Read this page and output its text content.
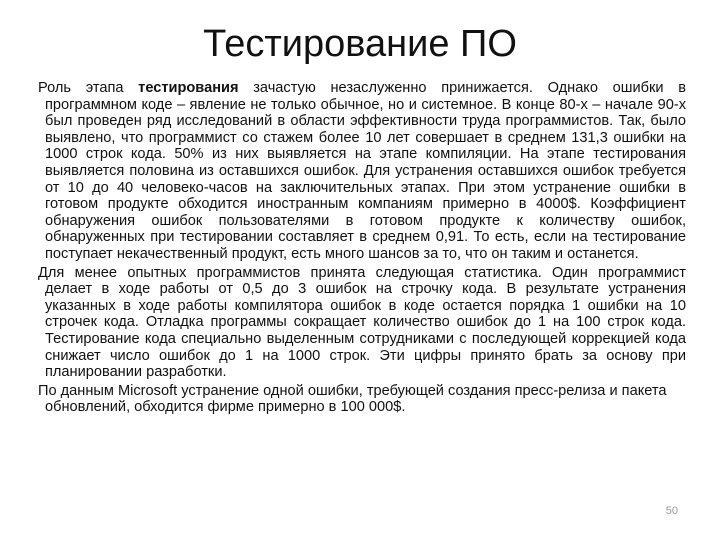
Тестирование ПО

Роль этапа тестирования зачастую незаслуженно принижается. Однако ошибки в программном коде – явление не только обычное, но и системное. В конце 80-х – начале 90-х был проведен ряд исследований в области эффективности труда программистов. Так, было выявлено, что программист со стажем более 10 лет совершает в среднем 131,3 ошибки на 1000 строк кода. 50% из них выявляется на этапе компиляции. На этапе тестирования выявляется половина из оставшихся ошибок. Для устранения оставшихся ошибок требуется от 10 до 40 человеко-часов на заключительных этапах. При этом устранение ошибки в готовом продукте обходится иностранным компаниям примерно в 4000$. Коэффициент обнаружения ошибок пользователями в готовом продукте к количеству ошибок, обнаруженных при тестировании составляет в среднем 0,91. То есть, если на тестирование поступает некачественный продукт, есть много шансов за то, что он таким и останется.

Для менее опытных программистов принята следующая статистика. Один программист делает в ходе работы от 0,5 до 3 ошибок на строчку кода. В результате устранения указанных в ходе работы компилятора ошибок в коде остается порядка 1 ошибки на 10 строчек кода. Отладка программы сокращает количество ошибок до 1 на 100 строк кода. Тестирование кода специально выделенным сотрудниками с последующей коррекцией кода снижает число ошибок до 1 на 1000 строк. Эти цифры принято брать за основу при планировании разработки.

По данным Microsoft устранение одной ошибки, требующей создания пресс-релиза и пакета обновлений, обходится фирме примерно в 100 000$.

50
